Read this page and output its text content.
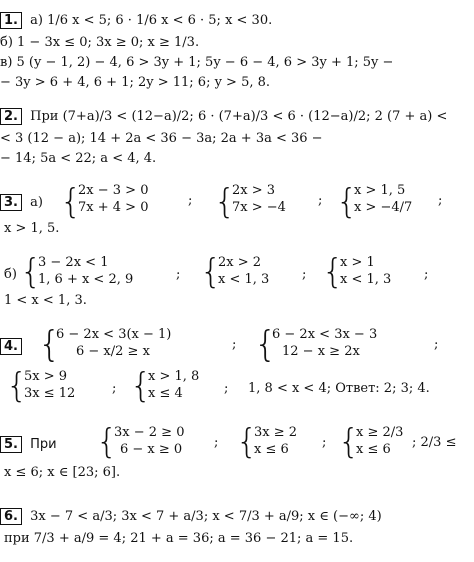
1. а) 1/6 x < 5; 6 · 1/6 x < 6 · 5; x < 30.
б) 1 − 3x ≤ 0; 3x ≥ 0; x ≥ 1/3.
в) 5 (y − 1, 2) − 4, 6 > 3y + 1; 5y − 6 − 4, 6 > 3y + 1; 5y −
− 3y > 6 + 4, 6 + 1; 2y > 11; 6; y > 5, 8.
2. При (7+a)/3 < (12−a)/2; 6 · (7+a)/3 < 6 · (12−a)/2; 2 (7 + a) <
< 3 (12 − a); 14 + 2a < 36 − 3a; 2a + 3a < 36 −
− 14; 5a < 22; a < 4, 4.
3. а) {
2x − 3 > 0
7x + 4 > 0	; {
2x > 3
7x > −4 ; {
x > 1, 5
x > −4/7 ;
x > 1, 5.
б) {
3 − 2x < 1
1, 6 + x < 2, 9	; {
2x > 2
x < 1, 3	; {
x > 1
x < 1, 3	;
1 < x < 1, 3.
4. {
6 − 2x < 3(x − 1)
6 − x/2 ≥ x	; {
6 − 2x < 3x − 3
12 − x ≥ 2x	;
{
5x > 9
3x ≤ 12	; {
x > 1, 8
x ≤ 4	; 1, 8 < x < 4; Ответ: 2; 3; 4.
5. При {
3x − 2 ≥ 0
6 − x ≥ 0 ; {
3x ≥ 2
x ≤ 6	; {
x ≥ 2/3
x ≤ 6	; 2/3 ≤
x ≤ 6; x ∈ [23; 6].
6. 3x − 7 < a/3; 3x < 7 + a/3; x < 7/3 + a/9; x ∈ (−∞; 4)
при 7/3 + a/9 = 4; 21 + a = 36; a = 36 − 21; a = 15.
